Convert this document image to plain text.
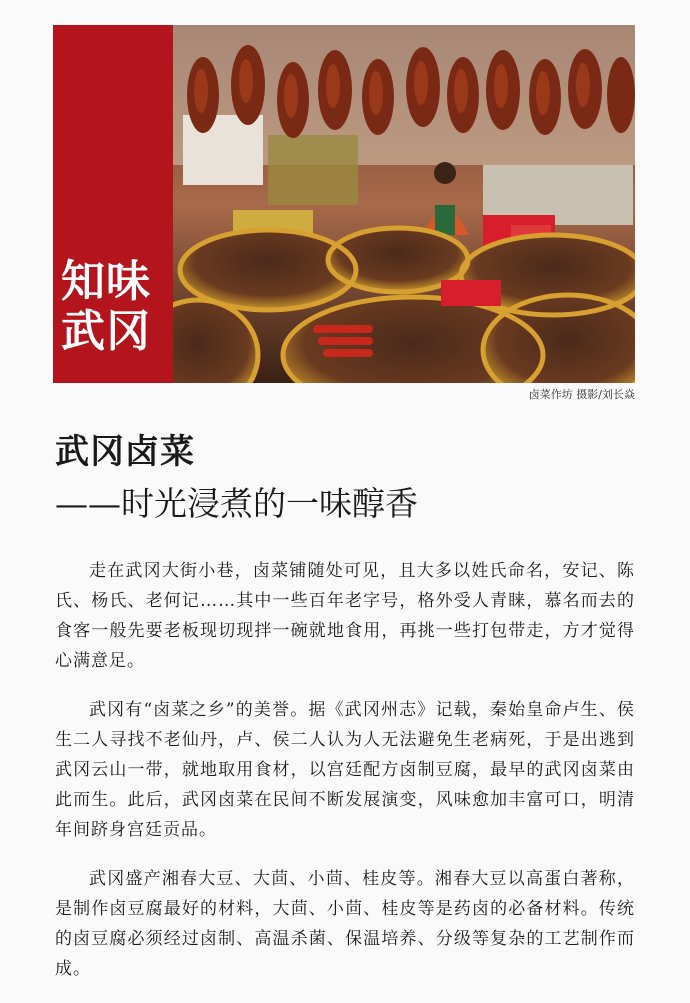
知味
武冈
卤菜作坊 摄影/刘长焱
武冈卤菜
——时光浸煮的一味醇香

走在武冈大街小巷，卤菜铺随处可见，且大多以姓氏命名，安记、陈氏、杨氏、老何记……其中一些百年老字号，格外受人青睐，慕名而去的食客一般先要老板现切现拌一碗就地食用，再挑一些打包带走，方才觉得心满意足。

武冈有“卤菜之乡”的美誉。据《武冈州志》记载，秦始皇命卢生、侯生二人寻找不老仙丹，卢、侯二人认为人无法避免生老病死，于是出逃到武冈云山一带，就地取用食材，以宫廷配方卤制豆腐，最早的武冈卤菜由此而生。此后，武冈卤菜在民间不断发展演变，风味愈加丰富可口，明清年间跻身宫廷贡品。

武冈盛产湘春大豆、大茴、小茴、桂皮等。湘春大豆以高蛋白著称，是制作卤豆腐最好的材料，大茴、小茴、桂皮等是药卤的必备材料。传统的卤豆腐必须经过卤制、高温杀菌、保温培养、分级等复杂的工艺制作而成。
